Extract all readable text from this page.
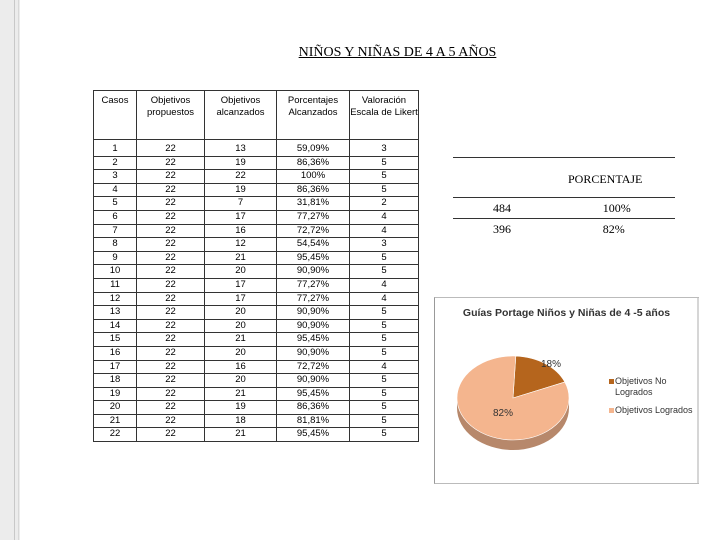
NIÑOS Y NIÑAS DE 4 A 5 AÑOS
Casos	Objetivos propuestos	Objetivos alcanzados	Porcentajes Alcanzados	Valoración Escala de Likert
1	22	13	59,09%	3
2	22	19	86,36%	5
3	22	22	100%	5
4	22	19	86,36%	5
5	22	7	31,81%	2
6	22	17	77,27%	4
7	22	16	72,72%	4
8	22	12	54,54%	3
9	22	21	95,45%	5
10	22	20	90,90%	5
11	22	17	77,27%	4
12	22	17	77,27%	4
13	22	20	90,90%	5
14	22	20	90,90%	5
15	22	21	95,45%	5
16	22	20	90,90%	5
17	22	16	72,72%	4
18	22	20	90,90%	5
19	22	21	95,45%	5
20	22	19	86,36%	5
21	22	18	81,81%	5
22	22	21	95,45%	5
PORCENTAJE
484	100%
396	82%
Guías Portage Niños y Niñas de 4 -5 años
18%
82%
Objetivos No Logrados
Objetivos Logrados
